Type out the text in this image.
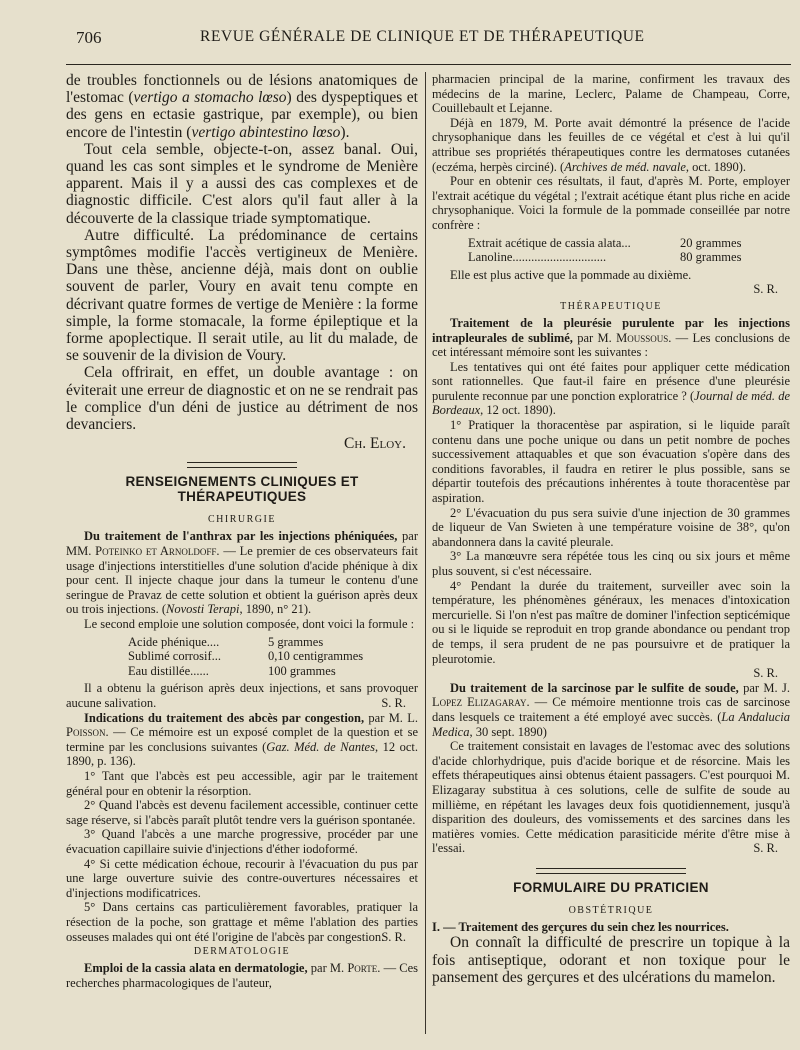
706	REVUE GÉNÉRALE DE CLINIQUE ET DE THÉRAPEUTIQUE

de troubles fonctionnels ou de lésions anatomiques de l'estomac (vertigo a stomacho lœso) des dyspeptiques et des gens en ectasie gastrique, par exemple), ou bien encore de l'intestin (vertigo abintestino lœso).

Tout cela semble, objecte-t-on, assez banal. Oui, quand les cas sont simples et le syndrome de Menière apparent. Mais il y a aussi des cas complexes et de diagnostic difficile. C'est alors qu'il faut aller à la découverte de la classique triade symptomatique.

Autre difficulté. La prédominance de certains symptômes modifie l'accès vertigineux de Menière. Dans une thèse, ancienne déjà, mais dont on oublie souvent de parler, Voury en avait tenu compte en décrivant quatre formes de vertige de Menière : la forme simple, la forme stomacale, la forme épileptique et la forme apoplectique. Il serait utile, au lit du malade, de se souvenir de la division de Voury.

Cela offrirait, en effet, un double avantage : on éviterait une erreur de diagnostic et on ne se rendrait pas le complice d'un déni de justice au détriment de nos devanciers.

Ch. Eloy.

RENSEIGNEMENTS CLINIQUES ET THÉRAPEUTIQUES
CHIRURGIE

Du traitement de l'anthrax par les injections phéniquées, par MM. Poteinko et Arnoldoff. — Le premier de ces observateurs fait usage d'injections interstitielles d'une solution d'acide phénique à dix pour cent. Il injecte chaque jour dans la tumeur le contenu d'une seringue de Pravaz de cette solution et obtient la guérison après deux ou trois injections. (Novosti Terapi, 1890, n° 21).

Le second emploie une solution composée, dont voici la formule :

Acide phénique....	5 grammes
Sublimé corrosif...	0,10 centigrammes
Eau distillée......	100 grammes

Il a obtenu la guérison après deux injections, et sans provoquer aucune salivation.	S. R.

Indications du traitement des abcès par congestion, par M. L. Poisson. — Ce mémoire est un exposé complet de la question et se termine par les conclusions suivantes (Gaz. Méd. de Nantes, 12 oct. 1890, p. 136).

1° Tant que l'abcès est peu accessible, agir par le traitement général pour en obtenir la résorption.

2° Quand l'abcès est devenu facilement accessible, continuer cette sage réserve, si l'abcès paraît plutôt tendre vers la guérison spontanée.

3° Quand l'abcès a une marche progressive, procéder par une évacuation capillaire suivie d'injections d'éther iodoformé.

4° Si cette médication échoue, recourir à l'évacuation du pus par une large ouverture suivie des contre-ouvertures nécessaires et d'injections modificatrices.

5° Dans certains cas particulièrement favorables, pratiquer la résection de la poche, son grattage et même l'ablation des parties osseuses malades qui ont été l'origine de l'abcès par congestion.

S. R.

DERMATOLOGIE

Emploi de la cassia alata en dermatologie, par M. Porte. — Ces recherches pharmacologiques de l'auteur,

pharmacien principal de la marine, confirment les travaux des médecins de la marine, Leclerc, Palame de Champeau, Corre, Couillebault et Lejanne.

Déjà en 1879, M. Porte avait démontré la présence de l'acide chrysophanique dans les feuilles de ce végétal et c'est à lui qu'il attribue ses propriétés thérapeutiques contre les dermatoses cutanées (eczéma, herpès circiné). (Archives de méd. navale, oct. 1890).

Pour en obtenir ces résultats, il faut, d'après M. Porte, employer l'extrait acétique du végétal ; l'extrait acétique étant plus riche en acide chrysophanique. Voici la formule de la pommade conseillée par notre confrère :

Extrait acétique de cassia alata...	20 grammes
Lanoline..............................	80 grammes

Elle est plus active que la pommade au dixième.

S. R.

THÉRAPEUTIQUE

Traitement de la pleurésie purulente par les injections intrapleurales de sublimé, par M. Moussous. — Les conclusions de cet intéressant mémoire sont les suivantes :

Les tentatives qui ont été faites pour appliquer cette médication sont rationnelles. Que faut-il faire en présence d'une pleurésie purulente reconnue par une ponction exploratrice ? (Journal de méd. de Bordeaux, 12 oct. 1890).

1° Pratiquer la thoracentèse par aspiration, si le liquide paraît contenu dans une poche unique ou dans un petit nombre de poches successivement attaquables et que son évacuation s'opère dans des conditions favorables, il faudra en retirer le plus possible, sans se départir toutefois des précautions inhérentes à toute thoracentèse par aspiration.

2° L'évacuation du pus sera suivie d'une injection de 30 grammes de liqueur de Van Swieten à une température voisine de 38°, qu'on abandonnera dans la cavité pleurale.

3° La manœuvre sera répétée tous les cinq ou six jours et même plus souvent, si c'est nécessaire.

4° Pendant la durée du traitement, surveiller avec soin la température, les phénomènes généraux, les menaces d'intoxication mercurielle. Si l'on n'est pas maître de dominer l'infection septicémique ou si le liquide se reproduit en trop grande abondance ou pendant trop de temps, il sera prudent de ne pas poursuivre et de pratiquer la pleurotomie.

S. R.

Du traitement de la sarcinose par le sulfite de soude, par M. J. Lopez Elizagaray. — Ce mémoire mentionne trois cas de sarcinose dans lesquels ce traitement a été employé avec succès. (La Andalucia Medica, 30 sept. 1890)

Ce traitement consistait en lavages de l'estomac avec des solutions d'acide chlorhydrique, puis d'acide borique et de résorcine. Mais les effets thérapeutiques ainsi obtenus étaient passagers. C'est pourquoi M. Elizagaray substitua à ces solutions, celle de sulfite de soude au millième, en répétant les lavages deux fois quotidiennement, jusqu'à disparition des douleurs, des vomissements et des sarcines dans les matières vomies. Cette médication parasiticide mérite d'être mise à l'essai.	S. R.

FORMULAIRE DU PRATICIEN
OBSTÉTRIQUE

I. — Traitement des gerçures du sein chez les nourrices.

On connaît la difficulté de prescrire un topique à la fois antiseptique, odorant et non toxique pour le pansement des gerçures et des ulcérations du mamelon.
